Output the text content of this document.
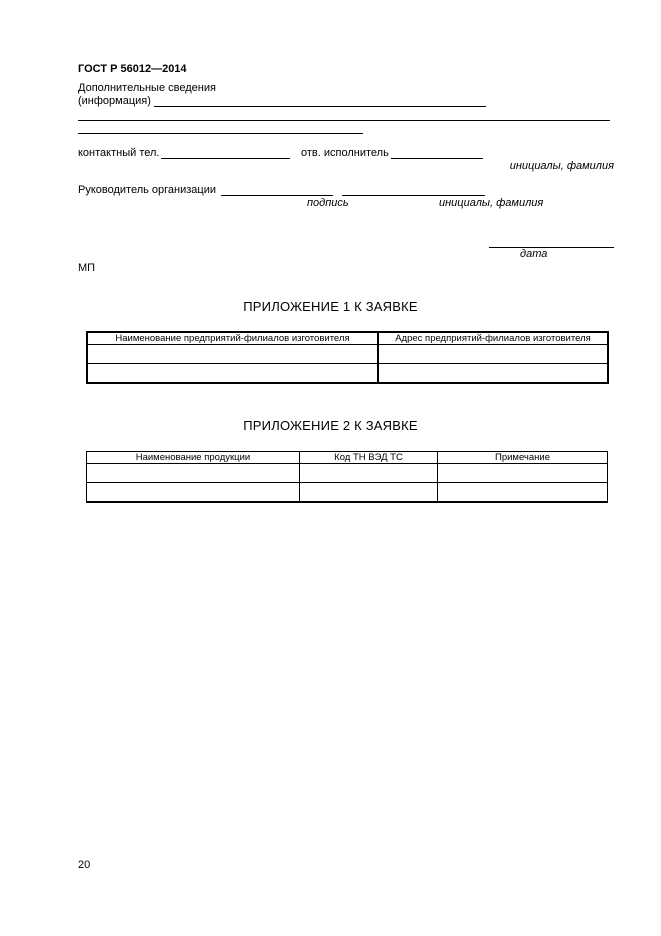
ГОСТ Р 56012—2014
Дополнительные сведения
(информация)
контактный тел.	отв. исполнитель
инициалы, фамилия
Руководитель организации
подпись	инициалы, фамилия
дата
МП
ПРИЛОЖЕНИЕ 1 К ЗАЯВКЕ
Наименование предприятий-филиалов изготовителя	Адрес предприятий-филиалов изготовителя

ПРИЛОЖЕНИЕ 2 К ЗАЯВКЕ
Наименование продукции	Код ТН ВЭД ТС	Примечание

20
